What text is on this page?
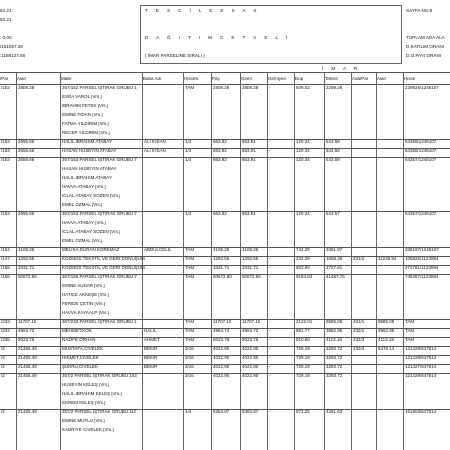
63.21
63.21
: 0.00
/151567.26
:1186127.66
T E S C İ L E E S A S
D A Ğ I T I M C E T V E L İ
( İMAR PARSELİNE SIRALI )
SAYFA NO:8
TOPLAM ADA ALA
D.KATILIM ORANI
D.O.PAYI ORANI
İ M A R
/Par Alan	Malik	Baba Adı	Hissesi	Pay	Giren	Girmiyen Dop	Tahsis	Ada/Par Alan	Hisse
/152 2808.28	367/152 PARSEL İŞTİRAK GRUBU 1	TAM	2808.28	2808.28 -	509.02	2299.26	229926/1246107
ESRA VAROL [Vrs.]
İBRAHİM FETEK [Vrs.]
EMİNE FİDAN [Vrs.]
FATMA YILDIRIM [Vrs.]
RECEP YILDIRIM [Vrs.]
/153 2655.66	HALİL İBRAHİM ATABAY	ALİ İHSAN	1/4	663.92	663.91	-	120.34	543.58	54358/1246107
/153 2655.66	HASAN HÜSEYİN ATABAY	ALİ İHSAN	1/4	663.92	663.91	-	120.34	543.58	54358/1246107
/153 2655.66	367/153 PARSEL İŞTİRAK GRUBU 7	1/4	663.92	663.91	-	120.34	543.58	54357/1246107
HASAN HÜSEYİN ATABAY
HALİL İBRAHİM ATABAY
HAVVA ATABAY [Vrs.]
İCLAL ATABAY SÖZEN [Vrs.]
EMEL ÖZMAL [Vrs.]
/153 2655.66	367/153 PARSEL İŞTİRAK GRUBU 7	1/4	663.92	663.91	-	120.34	543.57	54357/1246107
HAVVA ATABAY [Vrs.]
İCLAL ATABAY SÖZEN [Vrs.]
EMEL ÖZMAL [Vrs.]
/154 4106.26	MELİSA,DURAN KORKMAZ	ABDULCELİL	TAM	4106.26	4106.26 -	744.29	3361.97	336197/1246107
/147 1292.55	KOZMOS TEKSTİL VE GERİ DÖNÜŞÜM	TAM	1292.55	1292.55 -	234.29	1058.26 431/2	11238.94 105826/1123894
/155 3331.71	KOZMOS TEKSTİL VE GERİ DÖNÜŞÜM	TAM	3331.71	3331.71 -	603.90	2727.81	272781/1123894
/156 50672.60	367/156 PARSEL İŞTİRAK GRUBU 7	TAM	50672.60 50672.60 -	9184.83	41487.76	745287/1123894
EMİNE AUDAR [Vrs.]
HATİCE AKKEŞE [Vrs.]
FERİDE ÇETİN [Vrs.]
HAVVA KAYAALP [Vrs.]
/233 11707.10	367/233 PARSEL İŞTİRAK GRUBU 1	TAM	11707.10 11707.10 -	2122.01	9585.09 431/1	9585.09 TAM
/234 4864.72	MEHMET,KÖK	HALİL	TAM	4864.72	4864.72 -	881.77	3982.95 432/2	3982.95 TAM
/238 5023.78	NAZİFE,ORHAN	AHMET	TAM	5023.78	5023.78 -	910.60	4113.18 432/3	4113.18 TAM
/2	21455.49	MUSTAFA,CİVELEK	BEKİR	3/16	4022.90	4022.90 -	729.19	3293.72 432/4	6476.14 121428/647614
/2	21455.49	HİKMET,CİVELEK	BEKİR	3/16	4022.90	4022.90 -	729.19	3293.72	121428/647614
/2	21455.49	ŞÜKRÜ,CİVELEK	BEKİR	3/16	4022.90	4022.90 -	729.19	3293.72	121427/647614
/2	21455.49	357/2 PARSEL İŞTİRAK GRUBU 103	3/16	4022.90	4022.90 -	729.19	3293.72	121428/647614
HÜSEYİN KELEŞ [Vrs.]
HALİL İBRAHİM KELEŞ [Vrs.]
EKREM KELEŞ [Vrs.]
/2	21455.49	357/2 PARSEL İŞTİRAK GRUBU 110	1/4	5363.87	5363.87 -	972.25	4391.63	161903/647614
EMİNE MUTLU [Vrs.]
KADRİYE CİVELEK [Vrs.]
